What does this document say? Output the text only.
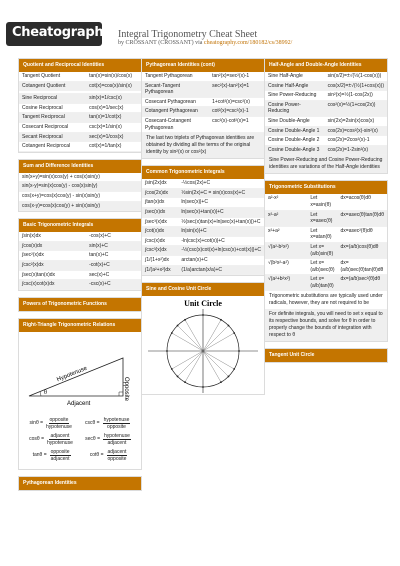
Cheatography Integral Trigonometry Cheat Sheet
by CROSSANT (CROSSANT) via cheatography.com/180182/cs/38992/
Quotient and Reciprocal Identities
Tangent Quotient	tan(x)=sin(x)/cos(x)
Cotangent Quotient	cot(x)=cos(x)/sin(x)

Sine Reciprocal	sin(x)=1/csc(x)
Cosine Reciprocal	cos(x)=1/sec(x)
Tangent Reciprocal	tan(x)=1/cot(x)
Cosecant Reciprocal	csc(x)=1/sin(x)
Secant Reciprocal	sec(x)=1/cos(x)
Cotangent Reciprocal	cot(x)=1/tan(x)
Sum and Difference Identities
sin(x+y)=sin(x)cos(y) + cos(x)sin(y)
sin(x-y)=sin(x)cos(y) - cos(x)sin(y)
cos(x+y)=cos(x)cos(y) - sin(x)sin(y)
cos(x-y)=cos(x)cos(y) + sin(x)sin(y)
Basic Trigonometric Integrals
∫sin(x)dx	-cos(x)+C
∫cos(x)dx	sin(x)+C
∫sec²(x)dx	tan(x)+C
∫csc²(x)dx	-cot(x)+C
∫sec(x)tan(x)dx	sec(x)+C
∫csc(x)cot(x)dx	-csc(x)+C
Powers of Trigonometric Functions
Right-Triangle Trigonometric Relations
θ
Hypotenuse
Opposite
Adjacent
$\sin\theta = \frac{\text{opposite}}{\text{hypotenuse}}$	$\csc\theta = \frac{\text{hypotenuse}}{\text{opposite}}$
$\cos\theta = \frac{\text{adjacent}}{\text{hypotenuse}}$ $\sec\theta = \frac{\text{hypotenuse}}{\text{adjacent}}$
$\tan\theta = \frac{\text{opposite}}{\text{adjacent}}$	$\cot\theta = \frac{\text{adjacent}}{\text{opposite}}$
Pythagorean Identities
Pythagorean Identities (cont)
Tangent Pythagorean	tan²(x)=sec²(x)-1
Secant-Tangent Pythagorean	sec²(x)-tan²(x)=1
Cosecant Pythagorean	1+cot²(x)=csc²(x)
Cotangent Pythagorean	cot²(x)=csc²(x)-1
Cosecant-Cotangent Pythagorean	csc²(x)-cot²(x)=1
The last two triplets of Pythagorean identities are obtained by dividing all the terms of the original identity by sin²(x) or cos²(x)
Common Trigonometric Integrals
∫sin(2x)dx	-½cos(2x)+C
∫cos(2x)dx	½sin(2x)+C = sin(x)cos(x)+C
∫tan(x)dx	ln|sec(x)|+C
∫sec(x)dx	ln|sec(x)+tan(x)|+C
∫sec³(x)dx	½(sec(x)tan(x)+ln|sec(x)+tan(x)|)+C
∫cot(x)dx	ln|sin(x)|+C
∫csc(x)dx	-ln|csc(x)+cot(x)|+C
∫csc³(x)dx	-½(csc(x)cot(x)+ln|csc(x)+cot(x)|)+C
∫1/(1+x²)dx	arctan(x)+C
∫1/(a²+x²)dx	(1/a)arctan(x/a)+C
Sine and Cosine Unit Circle
Unit Circle
Half-Angle and Double-Angle Identities
Sine Half-Angle	sin(x/2)=±√(½(1-cos(x)))
Cosine Half-Angle	cos(x/2)=±√(½(1+cos(x)))
Sine Power-Reducing	sin²(x)=½(1-cos(2x))
Cosine Power-Reducing	cos²(x)=½(1+cos(2x))
Sine Double-Angle	sin(2x)=2sin(x)cos(x)
Cosine Double-Angle 1	cos(2x)=cos²(x)-sin²(x)
Cosine Double-Angle 2	cos(2x)=2cos²(x)-1
Cosine Double-Angle 3	cos(2x)=1-2sin²(x)
Sine Power-Reducing and Cosine Power-Reducing identities are variations of the Half-Angle identities
Trigonometric Substitutions
a²-x²	Let x=asin(θ)	dx=acos(θ)dθ
x²-a²	Let x=asec(θ)	dx=asec(θ)tan(θ)dθ
x²+a²	Let x=atan(θ)	dx=asec²(θ)dθ
√(a²-b²x²)	Let x=(a/b)sin(θ)	dx=(a/b)cos(θ)dθ
√(b²x²-a²)	Let x=(a/b)sec(θ)	dx=(a/b)sec(θ)tan(θ)dθ
√(a²+b²x²)	Let x=(a/b)tan(θ)	dx=(a/b)sec²(θ)dθ
Trigonometric substitutions are typically used under radicals, however, they are not required to be
For definite integrals, you will need to set x equal to its respective bounds, and solve for θ in order to properly change the bounds of integration with respect to θ
Tangent Unit Circle
